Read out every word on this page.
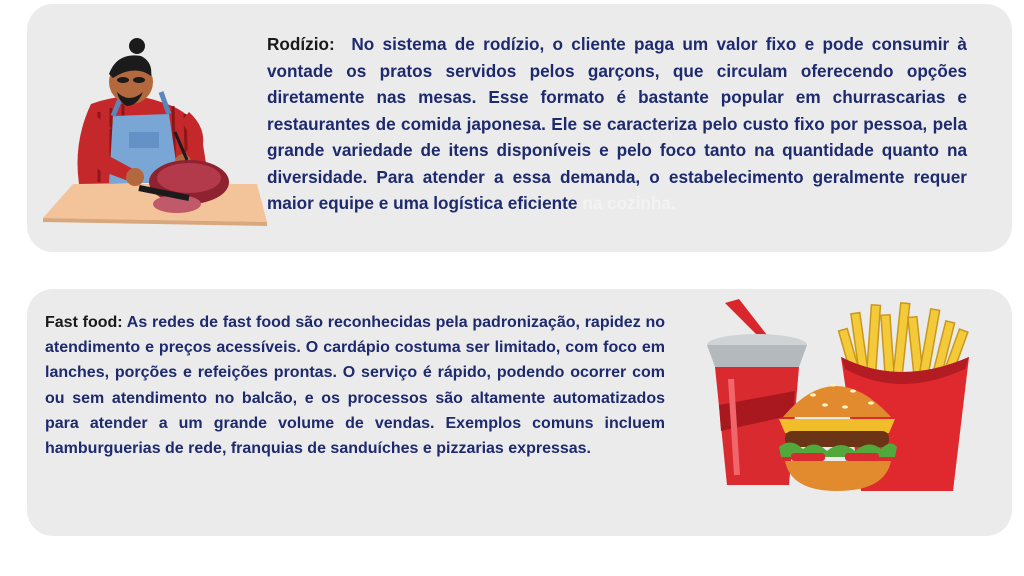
Rodízio: No sistema de rodízio, o cliente paga um valor fixo e pode consumir à vontade os pratos servidos pelos garçons, que circulam oferecendo opções diretamente nas mesas. Esse formato é bastante popular em churrascarias e restaurantes de comida japonesa. Ele se caracteriza pelo custo fixo por pessoa, pela grande variedade de itens disponíveis e pelo foco tanto na quantidade quanto na diversidade. Para atender a essa demanda, o estabelecimento geralmente requer maior equipe e uma logística eficiente na cozinha.
Fast food: As redes de fast food são reconhecidas pela padronização, rapidez no atendimento e preços acessíveis. O cardápio costuma ser limitado, com foco em lanches, porções e refeições prontas. O serviço é rápido, podendo ocorrer com ou sem atendimento no balcão, e os processos são altamente automatizados para atender a um grande volume de vendas. Exemplos comuns incluem hamburguerias de rede, franquias de sanduíches e pizzarias expressas.
